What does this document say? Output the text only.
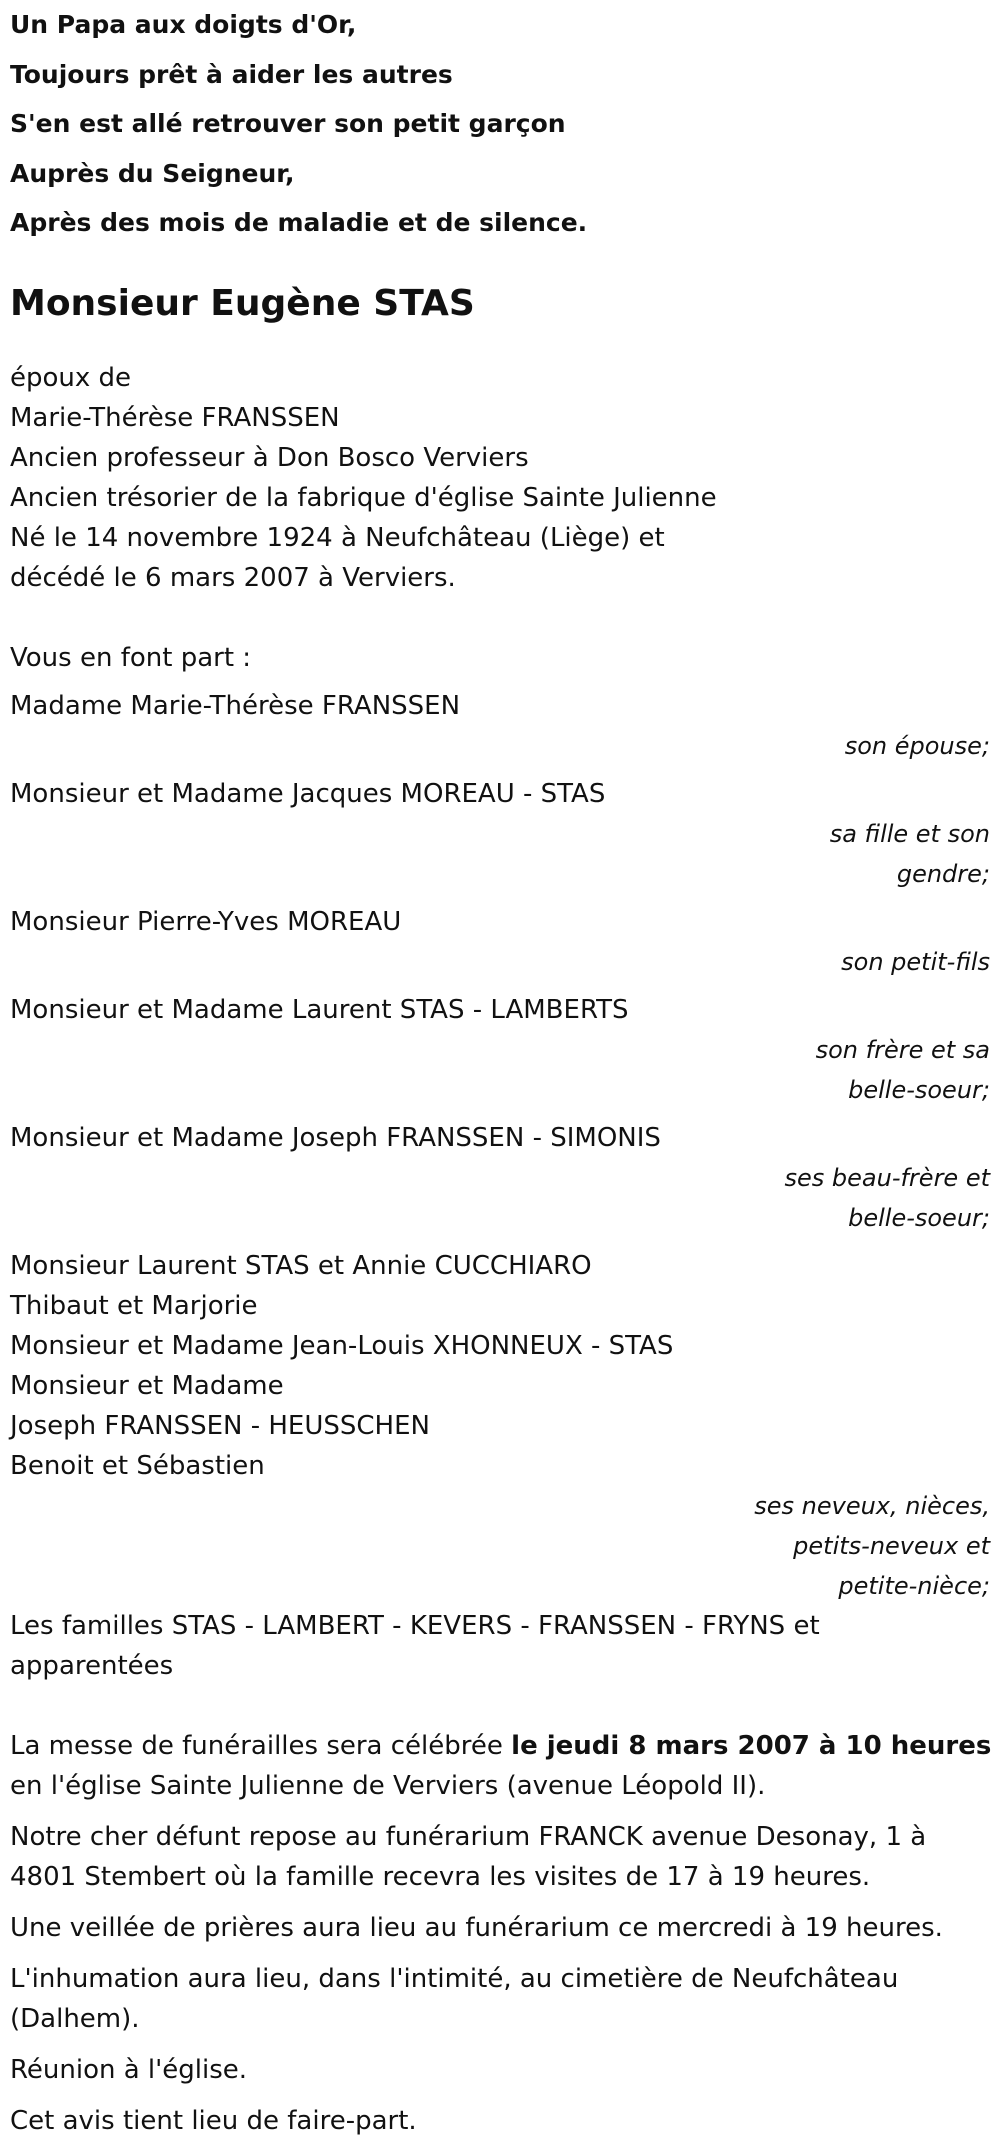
Un Papa aux doigts d'Or,

Toujours prêt à aider les autres

S'en est allé retrouver son petit garçon

Auprès du Seigneur,

Après des mois de maladie et de silence.

Monsieur Eugène STAS

époux de
Marie-Thérèse FRANSSEN
Ancien professeur à Don Bosco Verviers
Ancien trésorier de la fabrique d'église Sainte Julienne
Né le 14 novembre 1924 à Neufchâteau (Liège) et
décédé le 6 mars 2007 à Verviers.

Vous en font part :

Madame Marie-Thérèse FRANSSEN
son épouse;
Monsieur et Madame Jacques MOREAU - STAS
sa fille et son
gendre;
Monsieur Pierre-Yves MOREAU
son petit-fils
Monsieur et Madame Laurent STAS - LAMBERTS
son frère et sa
belle-soeur;
Monsieur et Madame Joseph FRANSSEN - SIMONIS
ses beau-frère et
belle-soeur;
Monsieur Laurent STAS et Annie CUCCHIARO
Thibaut et Marjorie
Monsieur et Madame Jean-Louis XHONNEUX - STAS
Monsieur et Madame
Joseph FRANSSEN - HEUSSCHEN
Benoit et Sébastien
ses neveux, nièces,
petits-neveux et
petite-nièce;

Les familles STAS - LAMBERT - KEVERS - FRANSSEN - FRYNS et
apparentées

La messe de funérailles sera célébrée le jeudi 8 mars 2007 à 10 heures
en l'église Sainte Julienne de Verviers (avenue Léopold II).

Notre cher défunt repose au funérarium FRANCK avenue Desonay, 1 à
4801 Stembert où la famille recevra les visites de 17 à 19 heures.

Une veillée de prières aura lieu au funérarium ce mercredi à 19 heures.

L'inhumation aura lieu, dans l'intimité, au cimetière de Neufchâteau
(Dalhem).

Réunion à l'église.

Cet avis tient lieu de faire-part.
